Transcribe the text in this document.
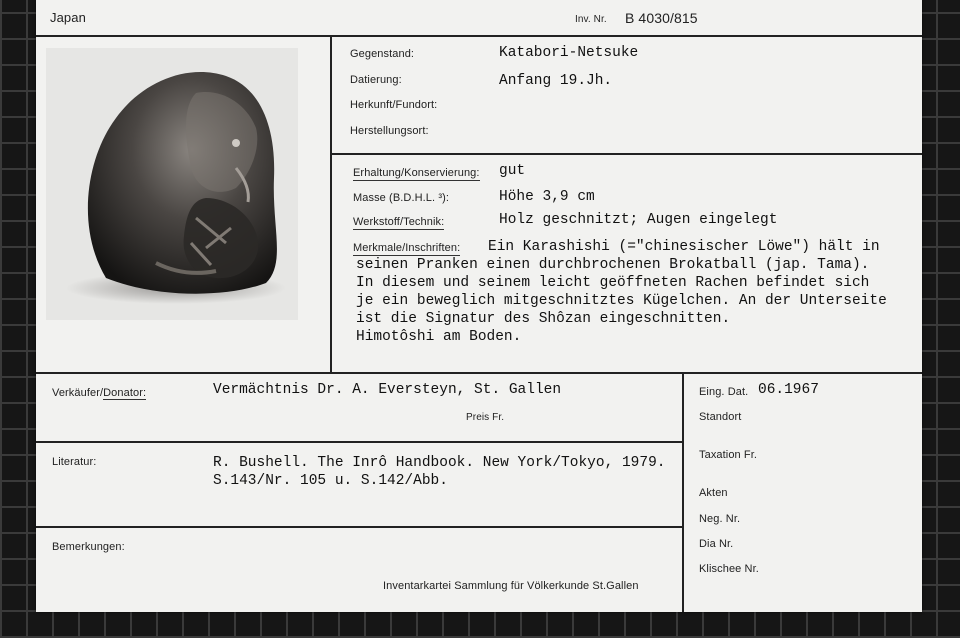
Japan	Inv. Nr. B 4030/815
Gegenstand:	Katabori-Netsuke
Datierung:	Anfang 19.Jh.
Herkunft/Fundort:
Herstellungsort:
Erhaltung/Konservierung: gut
Masse (B.D.H.L. ³):	Höhe 3,9 cm
Werkstoff/Technik:	Holz geschnitzt; Augen eingelegt
Merkmale/Inschriften: Ein Karashishi (="chinesischer Löwe") hält in

seinen Pranken einen durchbrochenen Brokatball (jap. Tama).

In diesem und seinem leicht geöffneten Rachen befindet sich

je ein beweglich mitgeschnitztes Kügelchen. An der Unterseite

ist die Signatur des Shôzan eingeschnitten.

Himotôshi am Boden.

Verkäufer/Donator:	Vermächtnis Dr. A. Eversteyn, St. Gallen
Preis Fr.
Literatur:	R. Bushell. The Inrô Handbook. New York/Tokyo, 1979.

S.143/Nr. 105 u. S.142/Abb.

Bemerkungen:
Inventarkartei Sammlung für Völkerkunde St.Gallen
Eing. Dat. 06.1967
Standort
Taxation Fr.
Akten
Neg. Nr.
Dia Nr.
Klischee Nr.
